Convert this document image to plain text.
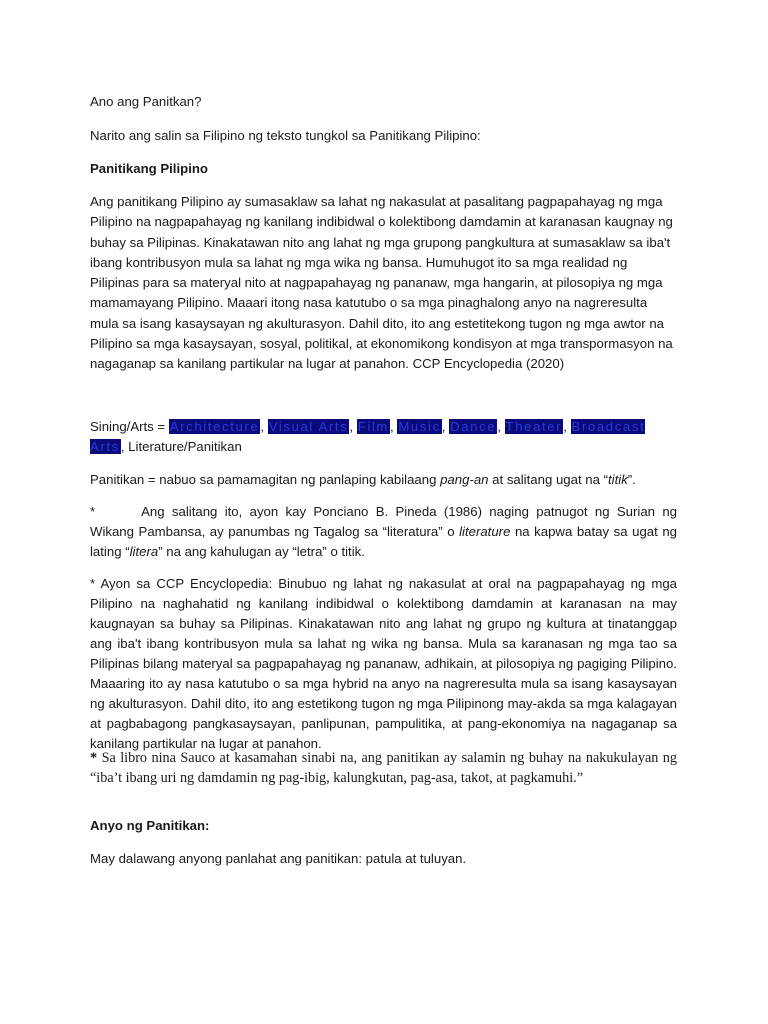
Ano ang Panitkan?

Narito ang salin sa Filipino ng teksto tungkol sa Panitikang Pilipino:

Panitikang Pilipino

Ang panitikang Pilipino ay sumasaklaw sa lahat ng nakasulat at pasalitang pagpapahayag ng mga Pilipino na nagpapahayag ng kanilang indibidwal o kolektibong damdamin at karanasan kaugnay ng buhay sa Pilipinas. Kinakatawan nito ang lahat ng mga grupong pangkultura at sumasaklaw sa iba't ibang kontribusyon mula sa lahat ng mga wika ng bansa. Humuhugot ito sa mga realidad ng Pilipinas para sa materyal nito at nagpapahayag ng pananaw, mga hangarin, at pilosopiya ng mga mamamayang Pilipino. Maaari itong nasa katutubo o sa mga pinaghalong anyo na nagreresulta mula sa isang kasaysayan ng akulturasyon. Dahil dito, ito ang estetitekong tugon ng mga awtor na Pilipino sa mga kasaysayan, sosyal, politikal, at ekonomikong kondisyon at mga transpormasyon na nagaganap sa kanilang partikular na lugar at panahon. CCP Encyclopedia (2020)

Sining/Arts = Architecture, Visual Arts, Film, Music, Dance, Theater, Broadcast Arts, Literature/Panitikan

Panitikan = nabuo sa pamamagitan ng panlaping kabilaang pang-an at salitang ugat na “titik”.

*	Ang salitang ito, ayon kay Ponciano B. Pineda (1986) naging patnugot ng Surian ng Wikang Pambansa, ay panumbas ng Tagalog sa “literatura” o literature na kapwa batay sa ugat ng lating “litera” na ang kahulugan ay “letra” o titik.

* Ayon sa CCP Encyclopedia: Binubuo ng lahat ng nakasulat at oral na pagpapahayag ng mga Pilipino na naghahatid ng kanilang indibidwal o kolektibong damdamin at karanasan na may kaugnayan sa buhay sa Pilipinas. Kinakatawan nito ang lahat ng grupo ng kultura at tinatanggap ang iba't ibang kontribusyon mula sa lahat ng wika ng bansa. Mula sa karanasan ng mga tao sa Pilipinas bilang materyal sa pagpapahayag ng pananaw, adhikain, at pilosopiya ng pagiging Pilipino. Maaaring ito ay nasa katutubo o sa mga hybrid na anyo na nagreresulta mula sa isang kasaysayan ng akulturasyon. Dahil dito, ito ang estetikong tugon ng mga Pilipinong may-akda sa mga kalagayan at pagbabagong pangkasaysayan, panlipunan, pampulitika, at pang-ekonomiya na nagaganap sa kanilang partikular na lugar at panahon.

* Sa libro nina Sauco at kasamahan sinabi na, ang panitikan ay salamin ng buhay na nakukulayan ng “iba’t ibang uri ng damdamin ng pag-ibig, kalungkutan, pag-asa, takot, at pagkamuhi.”

Anyo ng Panitikan:

May dalawang anyong panlahat ang panitikan: patula at tuluyan.
